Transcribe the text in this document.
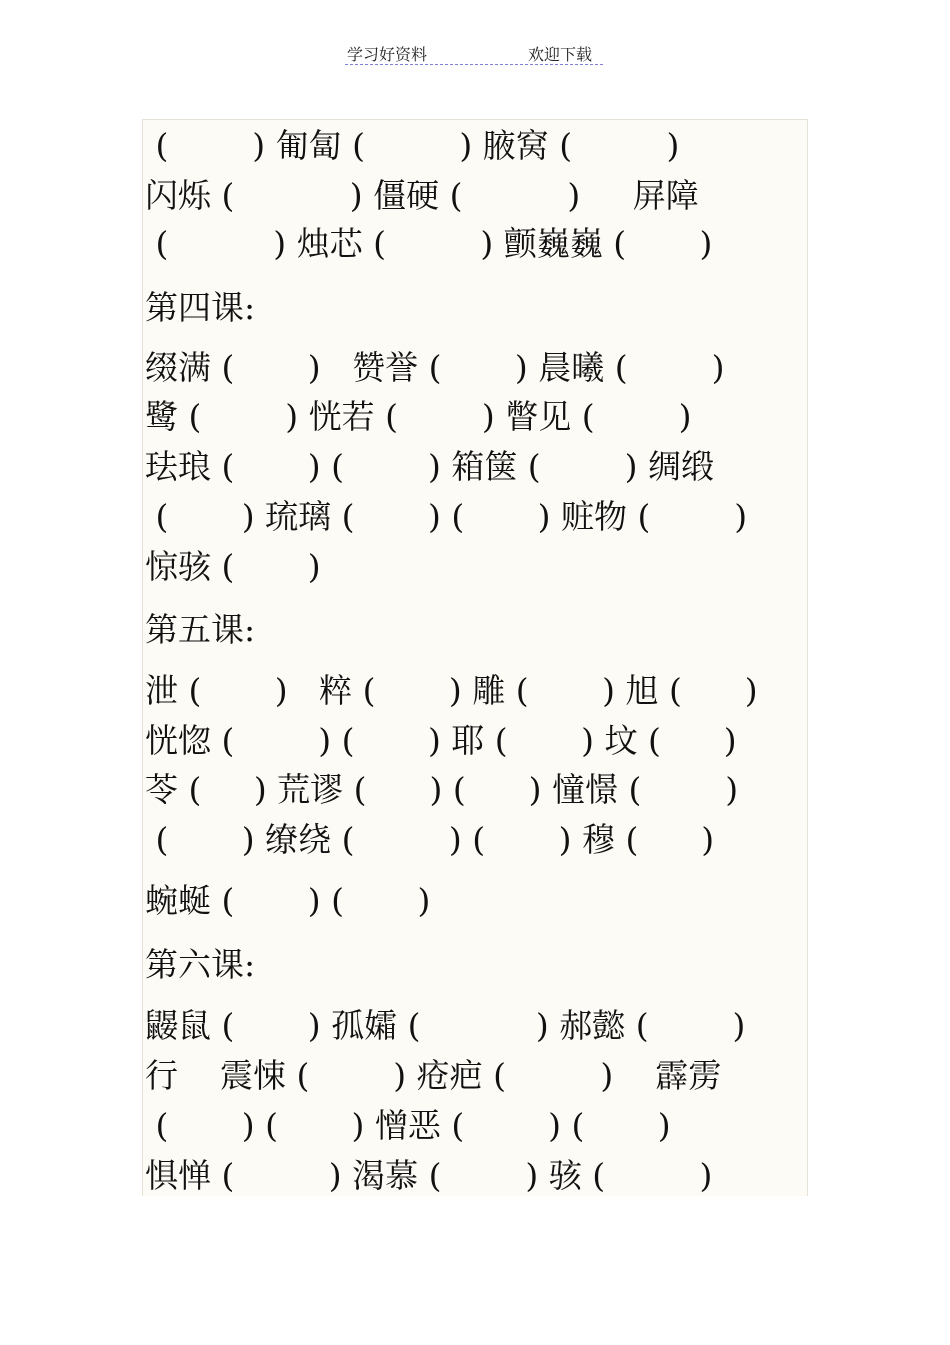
学习好资料	欢迎下载
(        ) 匍匐 (         ) 腋窝 (         )
闪烁 (           ) 僵硬 (          )     屏障
(          ) 烛芯 (         ) 颤巍巍 (       )
第四课:
缀满 (       )   赞誉 (       ) 晨曦 (        )
鹭 (        ) 恍若 (        ) 瞥见 (        )
珐琅 (       ) (        ) 箱箧 (        ) 绸缎
(       ) 琉璃 (       ) (       ) 赃物 (        )
惊骇 (       )
第五课:
泄 (       )   粹 (       ) 雕 (       ) 旭 (      )
恍惚 (        ) (       ) 耶 (       ) 坟 (      )
苓 (     ) 荒谬 (      ) (      ) 憧憬 (        )
(       ) 缭绕 (         ) (       ) 穆 (      )
蜿蜒 (       ) (       )
第六课:
鼹鼠 (       ) 孤孀 (           ) 郝懿 (        )
行    震悚 (        ) 疮疤 (         )    霹雳
(       ) (       ) 憎恶 (        ) (       )
惧惮 (         ) 渴慕 (        ) 骇 (         )
